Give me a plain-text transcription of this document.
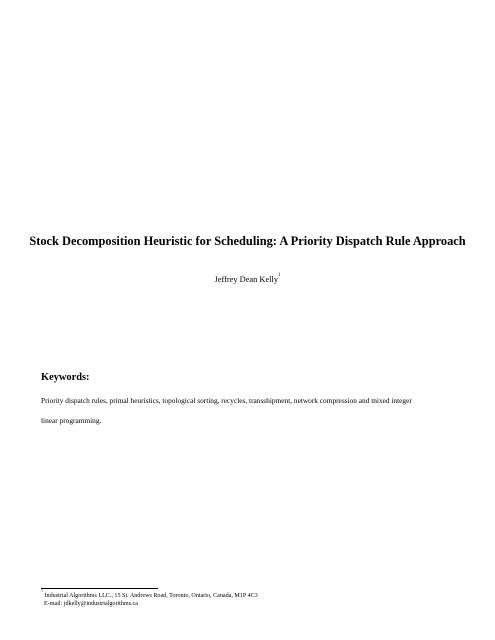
Stock Decomposition Heuristic for Scheduling: A Priority Dispatch Rule Approach
Jeffrey Dean Kelly$^1$
Keywords:
Priority dispatch rules, primal heuristics, topological sorting, recycles, transshipment, network compression and mixed integer
linear programming.
$^1$ Industrial Algorithms LLC., 15 St. Andrews Road, Toronto, Ontario, Canada, M1P 4C3
E-mail: jdkelly@industrialgorithms.ca
